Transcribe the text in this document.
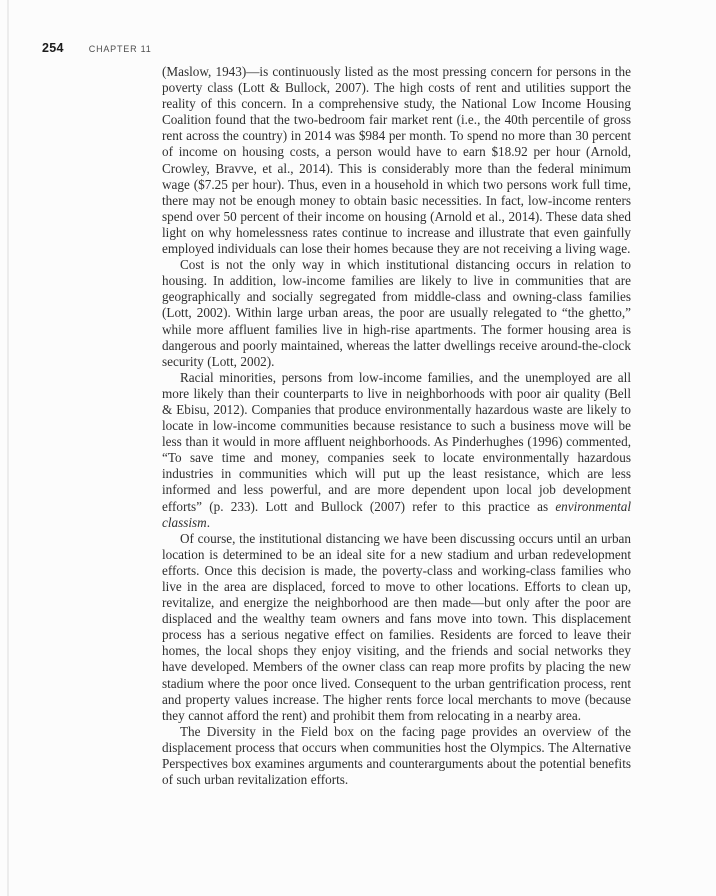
254	CHAPTER 11

(Maslow, 1943)—is continuously listed as the most pressing concern for persons in the poverty class (Lott & Bullock, 2007). The high costs of rent and utilities support the reality of this concern. In a comprehensive study, the National Low Income Housing Coalition found that the two-bedroom fair market rent (i.e., the 40th percentile of gross rent across the country) in 2014 was $984 per month. To spend no more than 30 percent of income on housing costs, a person would have to earn $18.92 per hour (Arnold, Crowley, Bravve, et al., 2014). This is considerably more than the federal minimum wage ($7.25 per hour). Thus, even in a household in which two persons work full time, there may not be enough money to obtain basic necessities. In fact, low-income renters spend over 50 percent of their income on housing (Arnold et al., 2014). These data shed light on why homelessness rates continue to increase and illustrate that even gainfully employed individuals can lose their homes because they are not receiving a living wage.

Cost is not the only way in which institutional distancing occurs in relation to housing. In addition, low-income families are likely to live in communities that are geographically and socially segregated from middle-class and owning-class families (Lott, 2002). Within large urban areas, the poor are usually relegated to “the ghetto,” while more affluent families live in high-rise apartments. The former housing area is dangerous and poorly maintained, whereas the latter dwellings receive around-the-clock security (Lott, 2002).

Racial minorities, persons from low-income families, and the unemployed are all more likely than their counterparts to live in neighborhoods with poor air quality (Bell & Ebisu, 2012). Companies that produce environmentally hazardous waste are likely to locate in low-income communities because resistance to such a business move will be less than it would in more affluent neighborhoods. As Pinderhughes (1996) commented, “To save time and money, companies seek to locate environmentally hazardous industries in communities which will put up the least resistance, which are less informed and less powerful, and are more dependent upon local job development efforts” (p. 233). Lott and Bullock (2007) refer to this practice as environmental classism.

Of course, the institutional distancing we have been discussing occurs until an urban location is determined to be an ideal site for a new stadium and urban redevelopment efforts. Once this decision is made, the poverty-class and working-class families who live in the area are displaced, forced to move to other locations. Efforts to clean up, revitalize, and energize the neighborhood are then made—but only after the poor are displaced and the wealthy team owners and fans move into town. This displacement process has a serious negative effect on families. Residents are forced to leave their homes, the local shops they enjoy visiting, and the friends and social networks they have developed. Members of the owner class can reap more profits by placing the new stadium where the poor once lived. Consequent to the urban gentrification process, rent and property values increase. The higher rents force local merchants to move (because they cannot afford the rent) and prohibit them from relocating in a nearby area.

The Diversity in the Field box on the facing page provides an overview of the displacement process that occurs when communities host the Olympics. The Alternative Perspectives box examines arguments and counterarguments about the potential benefits of such urban revitalization efforts.
